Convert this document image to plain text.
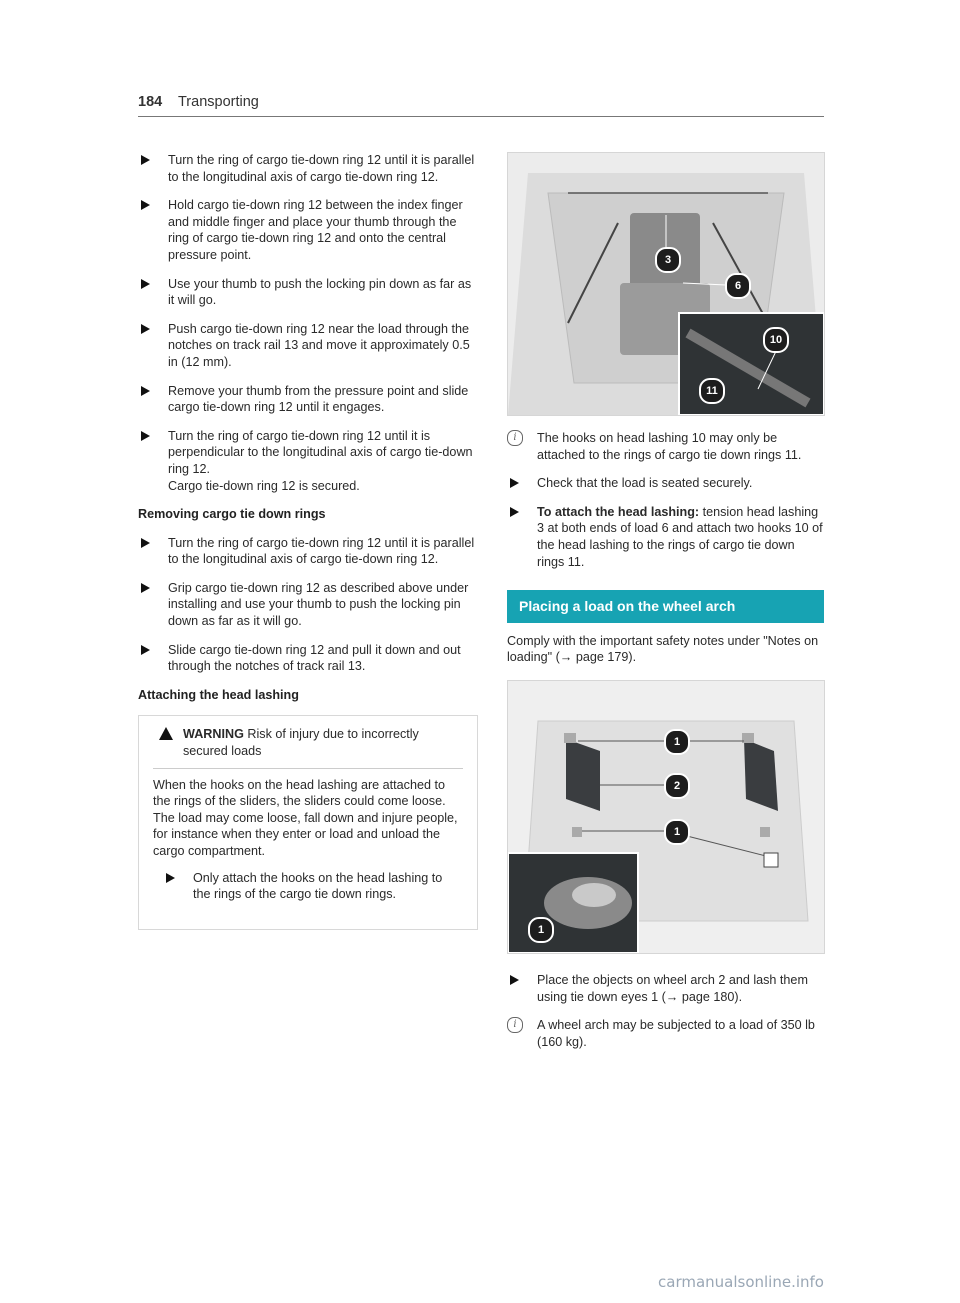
184 Transporting
Turn the ring of cargo tie-down ring 12 until it is parallel to the longitudinal axis of cargo tie-down ring 12.
Hold cargo tie-down ring 12 between the index finger and middle finger and place your thumb through the ring of cargo tie-down ring 12 and onto the central pressure point.
Use your thumb to push the locking pin down as far as it will go.
Push cargo tie-down ring 12 near the load through the notches on track rail 13 and move it approximately 0.5 in (12 mm).
Remove your thumb from the pressure point and slide cargo tie-down ring 12 until it engages.
Turn the ring of cargo tie-down ring 12 until it is perpendicular to the longitudinal axis of cargo tie-down ring 12.
Cargo tie-down ring 12 is secured.
Removing cargo tie down rings
Turn the ring of cargo tie-down ring 12 until it is parallel to the longitudinal axis of cargo tie-down ring 12.
Grip cargo tie-down ring 12 as described above under installing and use your thumb to push the locking pin down as far as it will go.
Slide cargo tie-down ring 12 and pull it down and out through the notches of track rail 13.
Attaching the head lashing
WARNING Risk of injury due to incorrectly secured loads

When the hooks on the head lashing are attached to the rings of the sliders, the sliders could come loose. The load may come loose, fall down and injure people, for instance when they enter or load and unload the cargo compartment.

Only attach the hooks on the head lashing to the rings of the cargo tie down rings.
3
6
10
11
i	The hooks on head lashing 10 may only be attached to the rings of cargo tie down rings 11.
Check that the load is seated securely.
To attach the head lashing: tension head lashing 3 at both ends of load 6 and attach two hooks 10 of the head lashing to the rings of cargo tie down rings 11.
Placing a load on the wheel arch
Comply with the important safety notes under "Notes on loading" (→ page 179).
1
2
1
1
Place the objects on wheel arch 2 and lash them using tie down eyes 1 (→ page 180).
i	A wheel arch may be subjected to a load of 350 lb (160 kg).
carmanualsonline.info
